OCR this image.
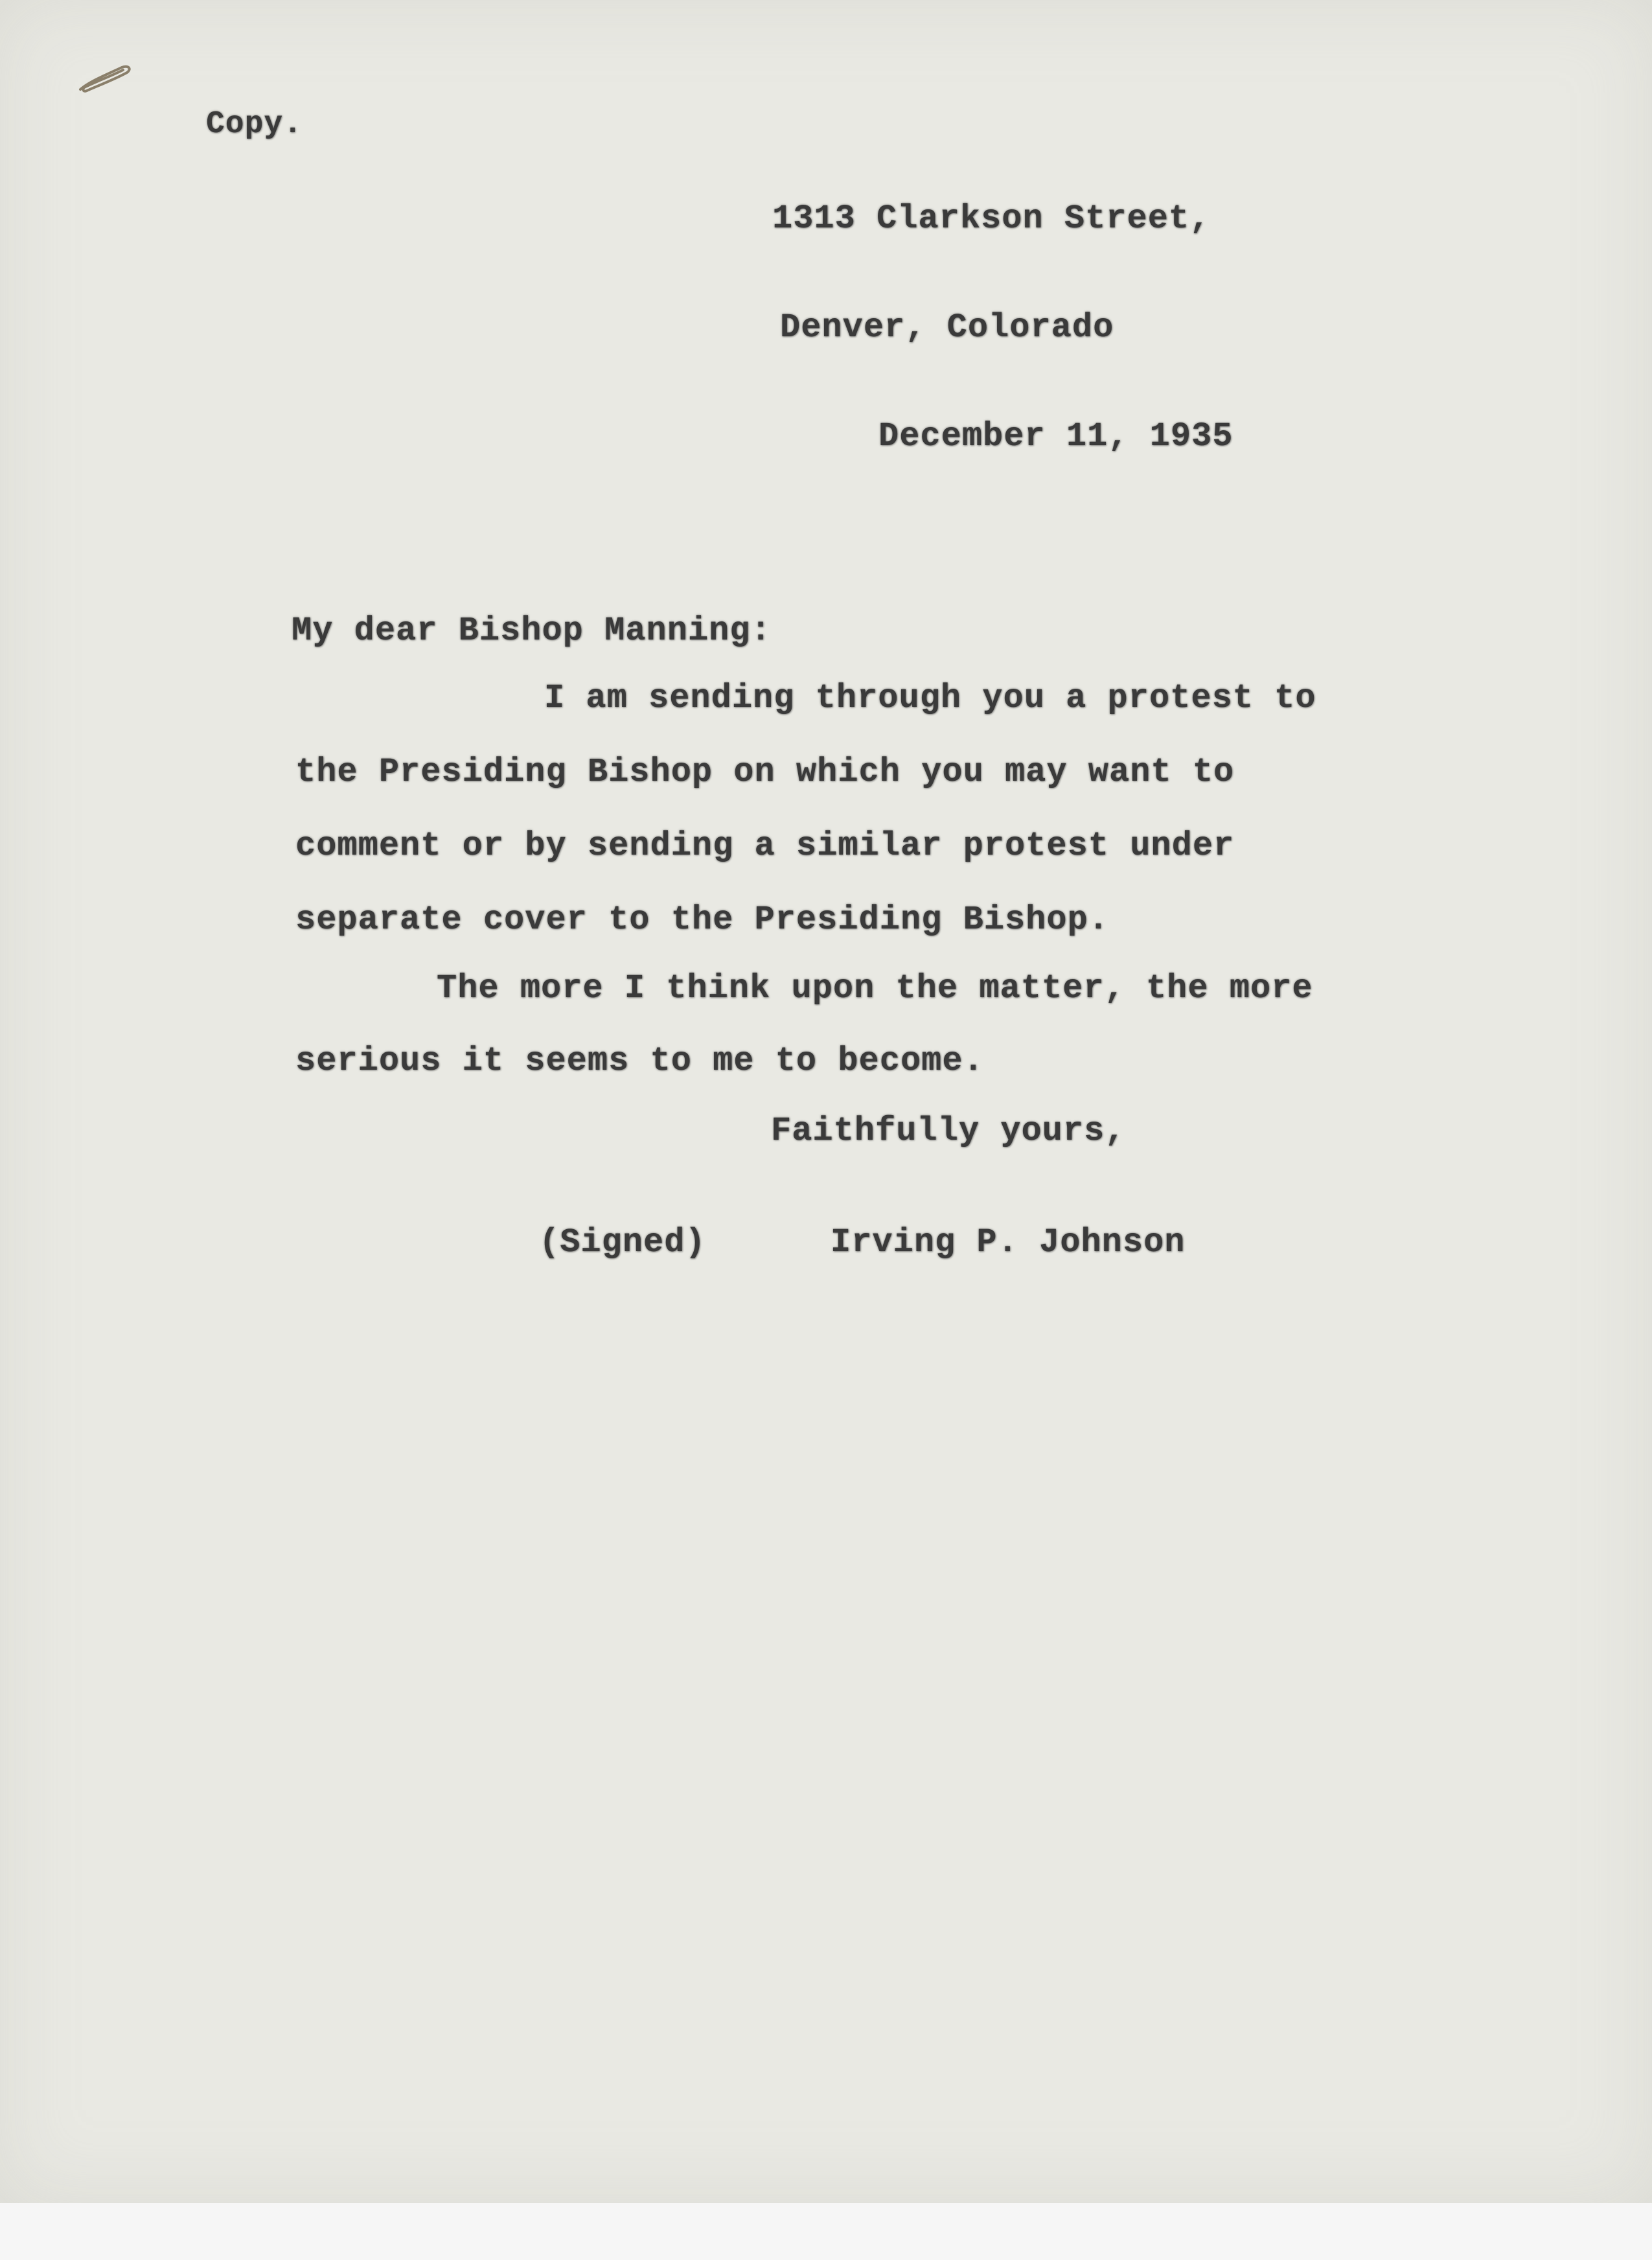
Copy.
1313 Clarkson Street,
Denver, Colorado
December 11, 1935
My dear Bishop Manning:
I am sending through you a protest to
the Presiding Bishop on which you may want to
comment or by sending a similar protest under
separate cover to the Presiding Bishop.
The more I think upon the matter, the more
serious it seems to me to become.
Faithfully yours,
(Signed)	Irving P. Johnson
